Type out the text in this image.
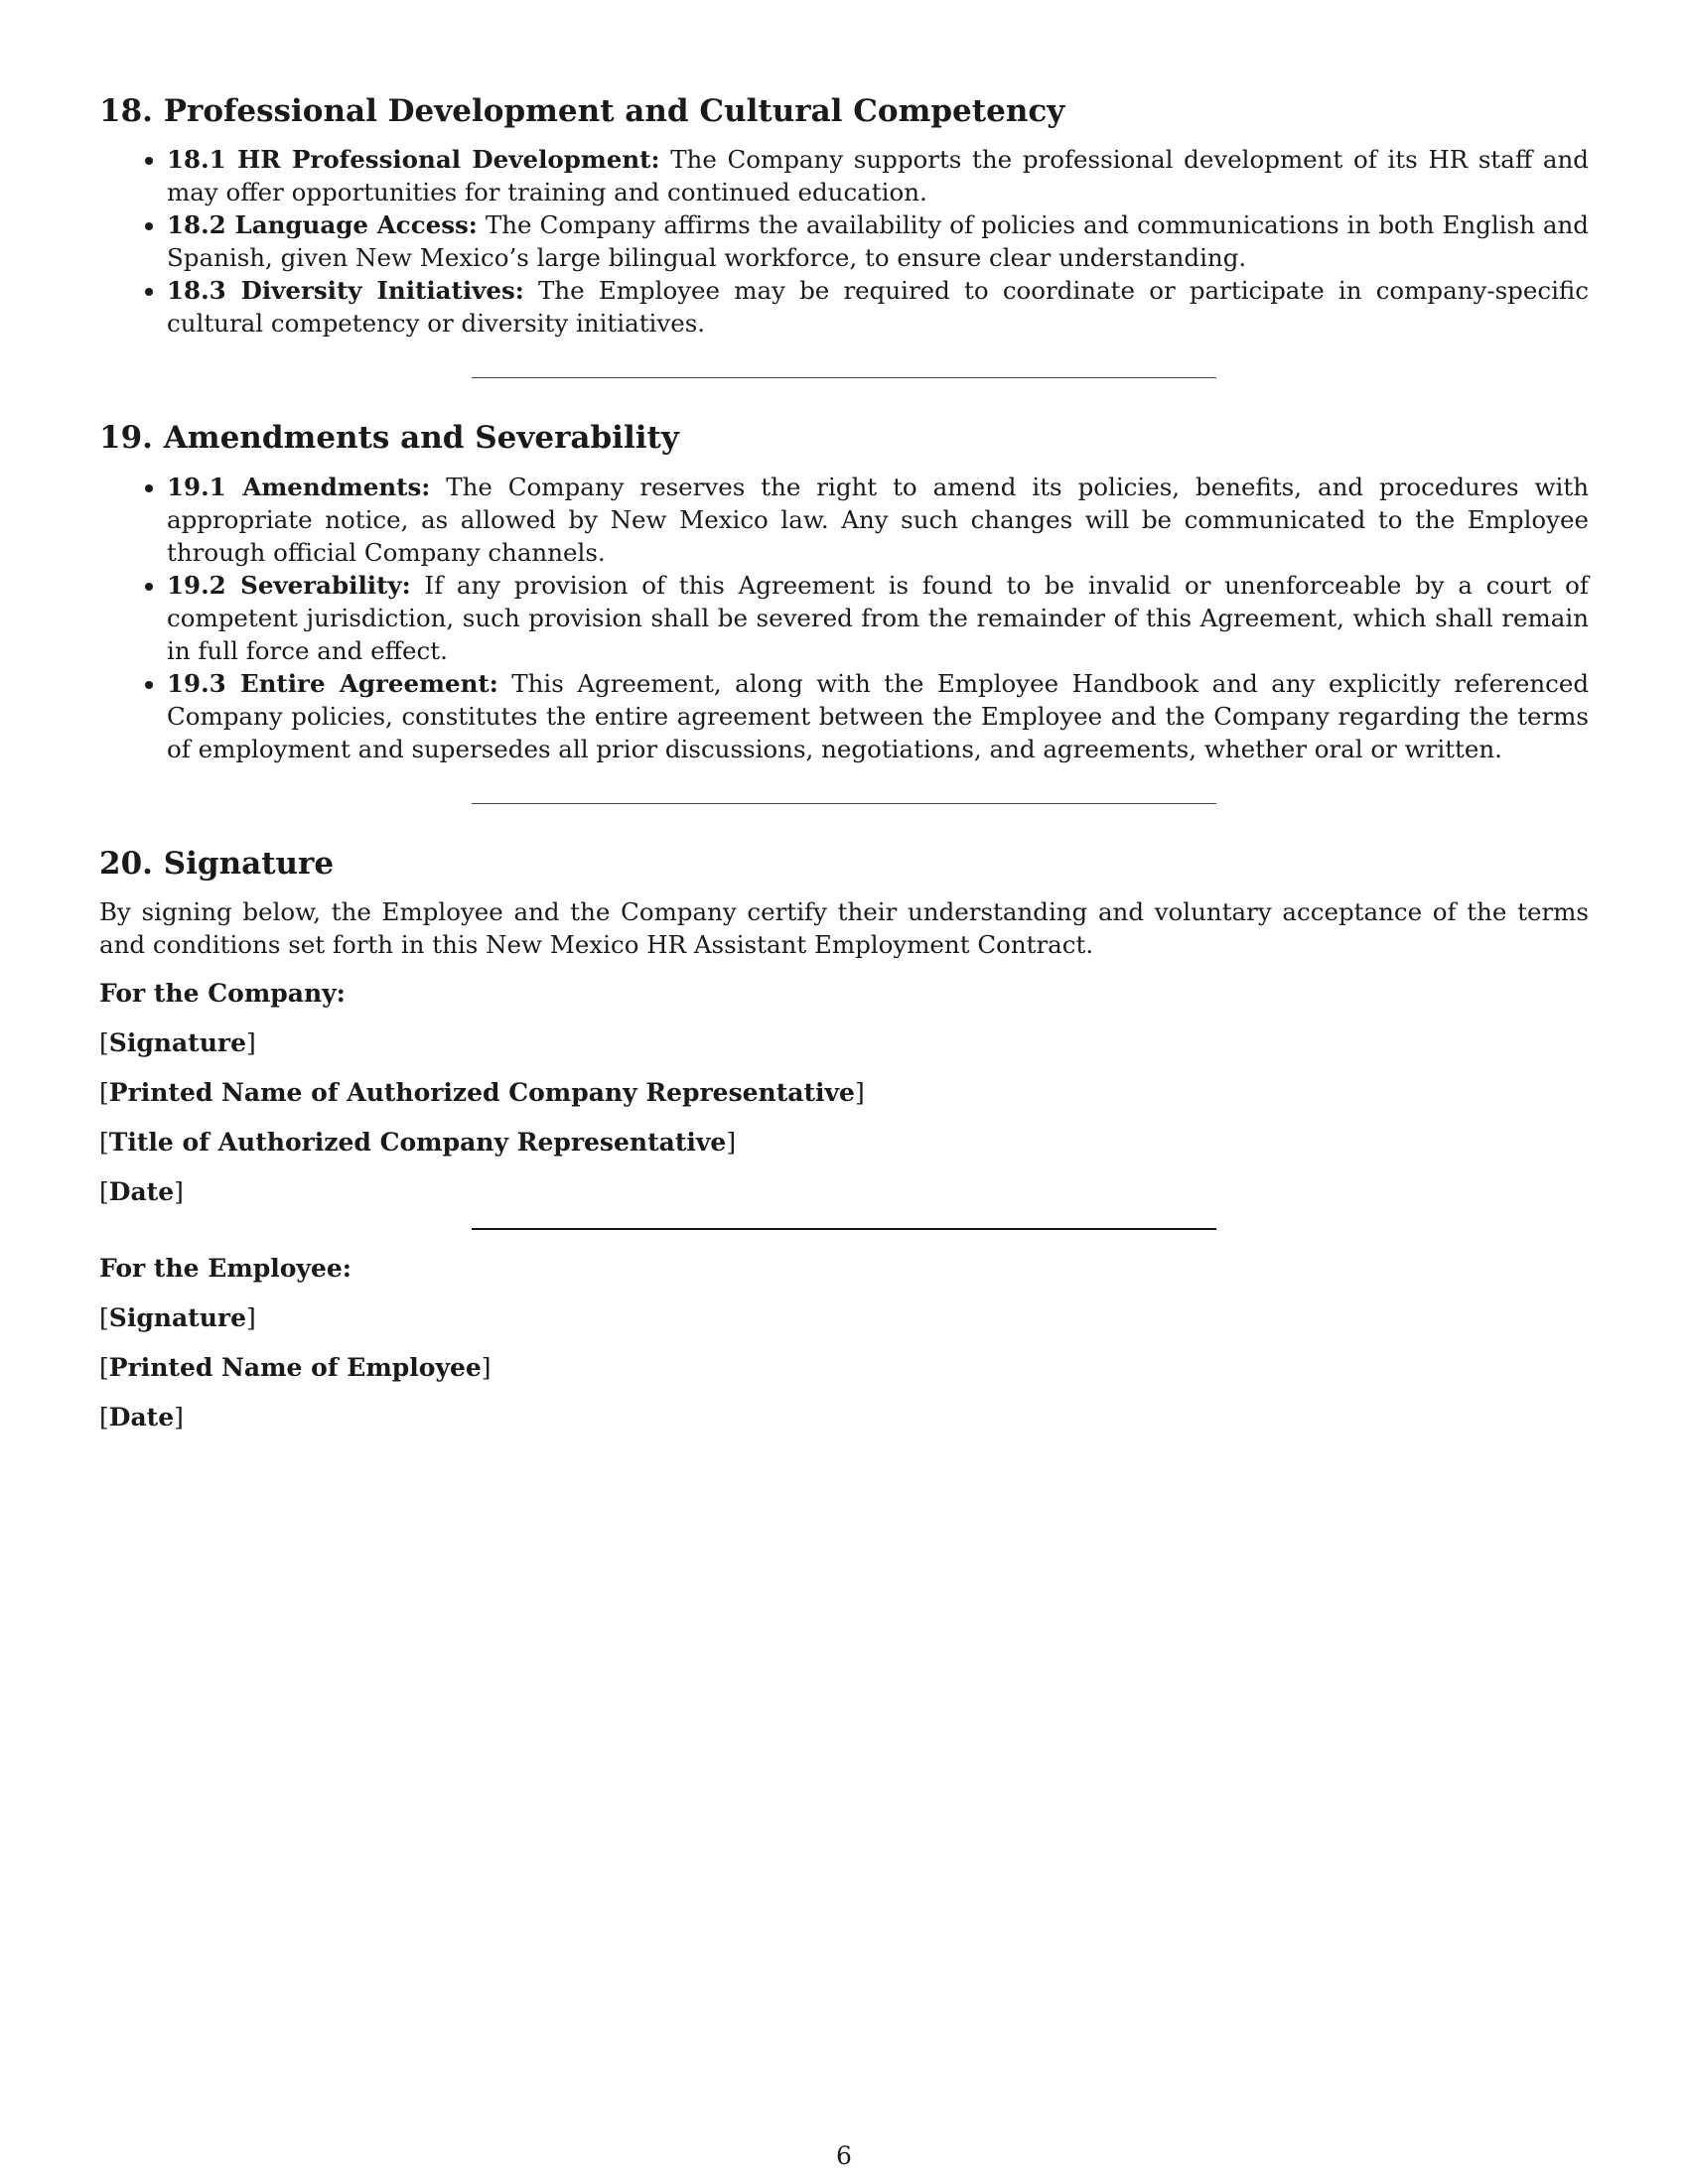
18. Professional Development and Cultural Competency
• 18.1 HR Professional Development: The Company supports the professional development of its HR staff and may offer opportunities for training and continued education.
• 18.2 Language Access: The Company affirms the availability of policies and communications in both English and Spanish, given New Mexico’s large bilingual workforce, to ensure clear understanding.
• 18.3 Diversity Initiatives: The Employee may be required to coordinate or participate in company-specific cultural competency or diversity initiatives.
19. Amendments and Severability
• 19.1 Amendments: The Company reserves the right to amend its policies, benefits, and procedures with appropriate notice, as allowed by New Mexico law. Any such changes will be communicated to the Employee through official Company channels.
• 19.2 Severability: If any provision of this Agreement is found to be invalid or unenforceable by a court of competent jurisdiction, such provision shall be severed from the remainder of this Agreement, which shall remain in full force and effect.
• 19.3 Entire Agreement: This Agreement, along with the Employee Handbook and any explicitly referenced Company policies, constitutes the entire agreement between the Employee and the Company regarding the terms of employment and supersedes all prior discussions, negotiations, and agreements, whether oral or written.
20. Signature

By signing below, the Employee and the Company certify their understanding and voluntary acceptance of the terms and conditions set forth in this New Mexico HR Assistant Employment Contract.

For the Company:
[Signature]
[Printed Name of Authorized Company Representative]
[Title of Authorized Company Representative]
[Date]
For the Employee:
[Signature]
[Printed Name of Employee]
[Date]
6
